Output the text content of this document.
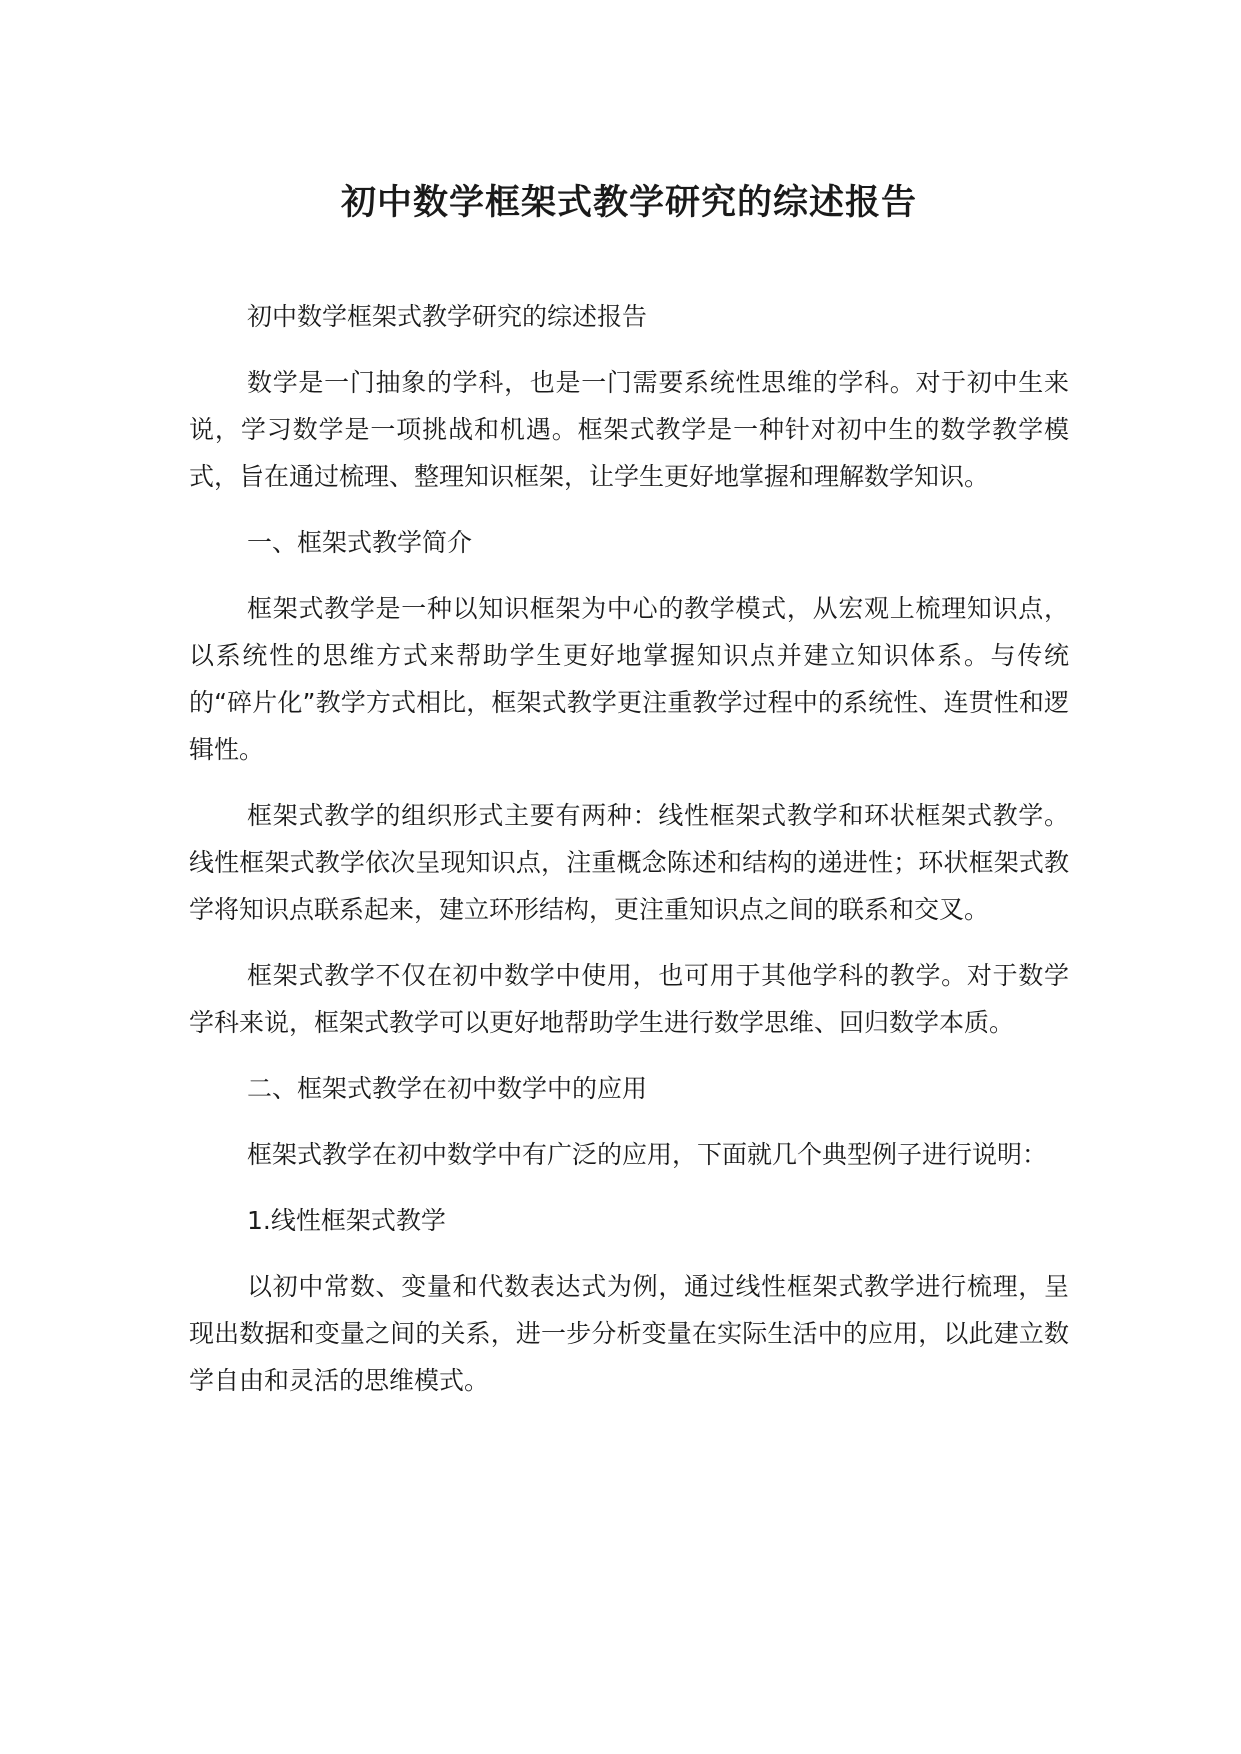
初中数学框架式教学研究的综述报告

初中数学框架式教学研究的综述报告

数学是一门抽象的学科，也是一门需要系统性思维的学科。对于初中生来说，学习数学是一项挑战和机遇。框架式教学是一种针对初中生的数学教学模式，旨在通过梳理、整理知识框架，让学生更好地掌握和理解数学知识。

一、框架式教学简介

框架式教学是一种以知识框架为中心的教学模式，从宏观上梳理知识点，以系统性的思维方式来帮助学生更好地掌握知识点并建立知识体系。与传统的“碎片化”教学方式相比，框架式教学更注重教学过程中的系统性、连贯性和逻辑性。

框架式教学的组织形式主要有两种：线性框架式教学和环状框架式教学。线性框架式教学依次呈现知识点，注重概念陈述和结构的递进性；环状框架式教学将知识点联系起来，建立环形结构，更注重知识点之间的联系和交叉。

框架式教学不仅在初中数学中使用，也可用于其他学科的教学。对于数学学科来说，框架式教学可以更好地帮助学生进行数学思维、回归数学本质。

二、框架式教学在初中数学中的应用

框架式教学在初中数学中有广泛的应用，下面就几个典型例子进行说明：

1.线性框架式教学

以初中常数、变量和代数表达式为例，通过线性框架式教学进行梳理，呈现出数据和变量之间的关系，进一步分析变量在实际生活中的应用，以此建立数学自由和灵活的思维模式。
